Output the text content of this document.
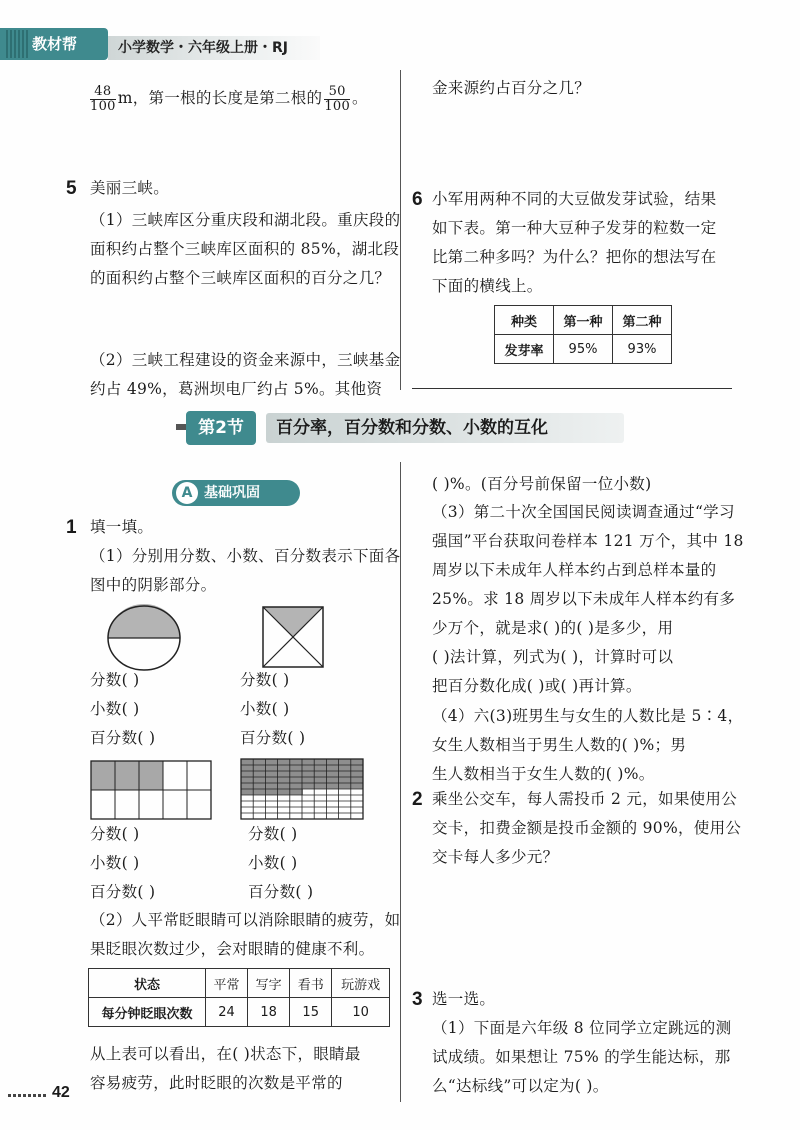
教材帮	小学数学・六年级上册・RJ
$\frac{48}{100}$ m，第一根的长度是第二根的 $\frac{50}{100}$ 。
5 美丽三峡。
（1）三峡库区分重庆段和湖北段。重庆段的
面积约占整个三峡库区面积的 85%，湖北段
的面积约占整个三峡库区面积的百分之几？
（2）三峡工程建设的资金来源中，三峡基金
约占 49%，葛洲坝电厂约占 5%。其他资
金来源约占百分之几？
6 小军用两种不同的大豆做发芽试验，结果
如下表。第一种大豆种子发芽的粒数一定
比第二种多吗？为什么？把你的想法写在
下面的横线上。
种类	第一种	第二种
发芽率	95%	93%
第2节	百分率，百分数和分数、小数的互化
A 基础巩固
1 填一填。
（1）分别用分数、小数、百分数表示下面各
图中的阴影部分。
分数( )
小数( )
百分数( )
分数( )
小数( )
百分数( )
分数( )
小数( )
百分数( )
分数( )
小数( )
百分数( )
（2）人平常眨眼睛可以消除眼睛的疲劳，如
果眨眼次数过少，会对眼睛的健康不利。
状态	平常	写字	看书	玩游戏
每分钟眨眼次数	24	18	15	10
从上表可以看出，在( )状态下，眼睛最
容易疲劳，此时眨眼的次数是平常的
( )%。(百分号前保留一位小数)
（3）第二十次全国国民阅读调查通过“学习
强国”平台获取问卷样本 121 万个，其中 18
周岁以下未成年人样本约占到总样本量的
25%。求 18 周岁以下未成年人样本约有多
少万个，就是求( )的( )是多少，用
( )法计算，列式为( )，计算时可以
把百分数化成( )或( )再计算。
（4）六(3)班男生与女生的人数比是 5∶4，
女生人数相当于男生人数的( )%；男
生人数相当于女生人数的( )%。
2 乘坐公交车，每人需投币 2 元，如果使用公
交卡，扣费金额是投币金额的 90%，使用公
交卡每人多少元？
3 选一选。
（1）下面是六年级 8 位同学立定跳远的测
试成绩。如果想让 75% 的学生能达标，那
么“达标线”可以定为( )。
42
